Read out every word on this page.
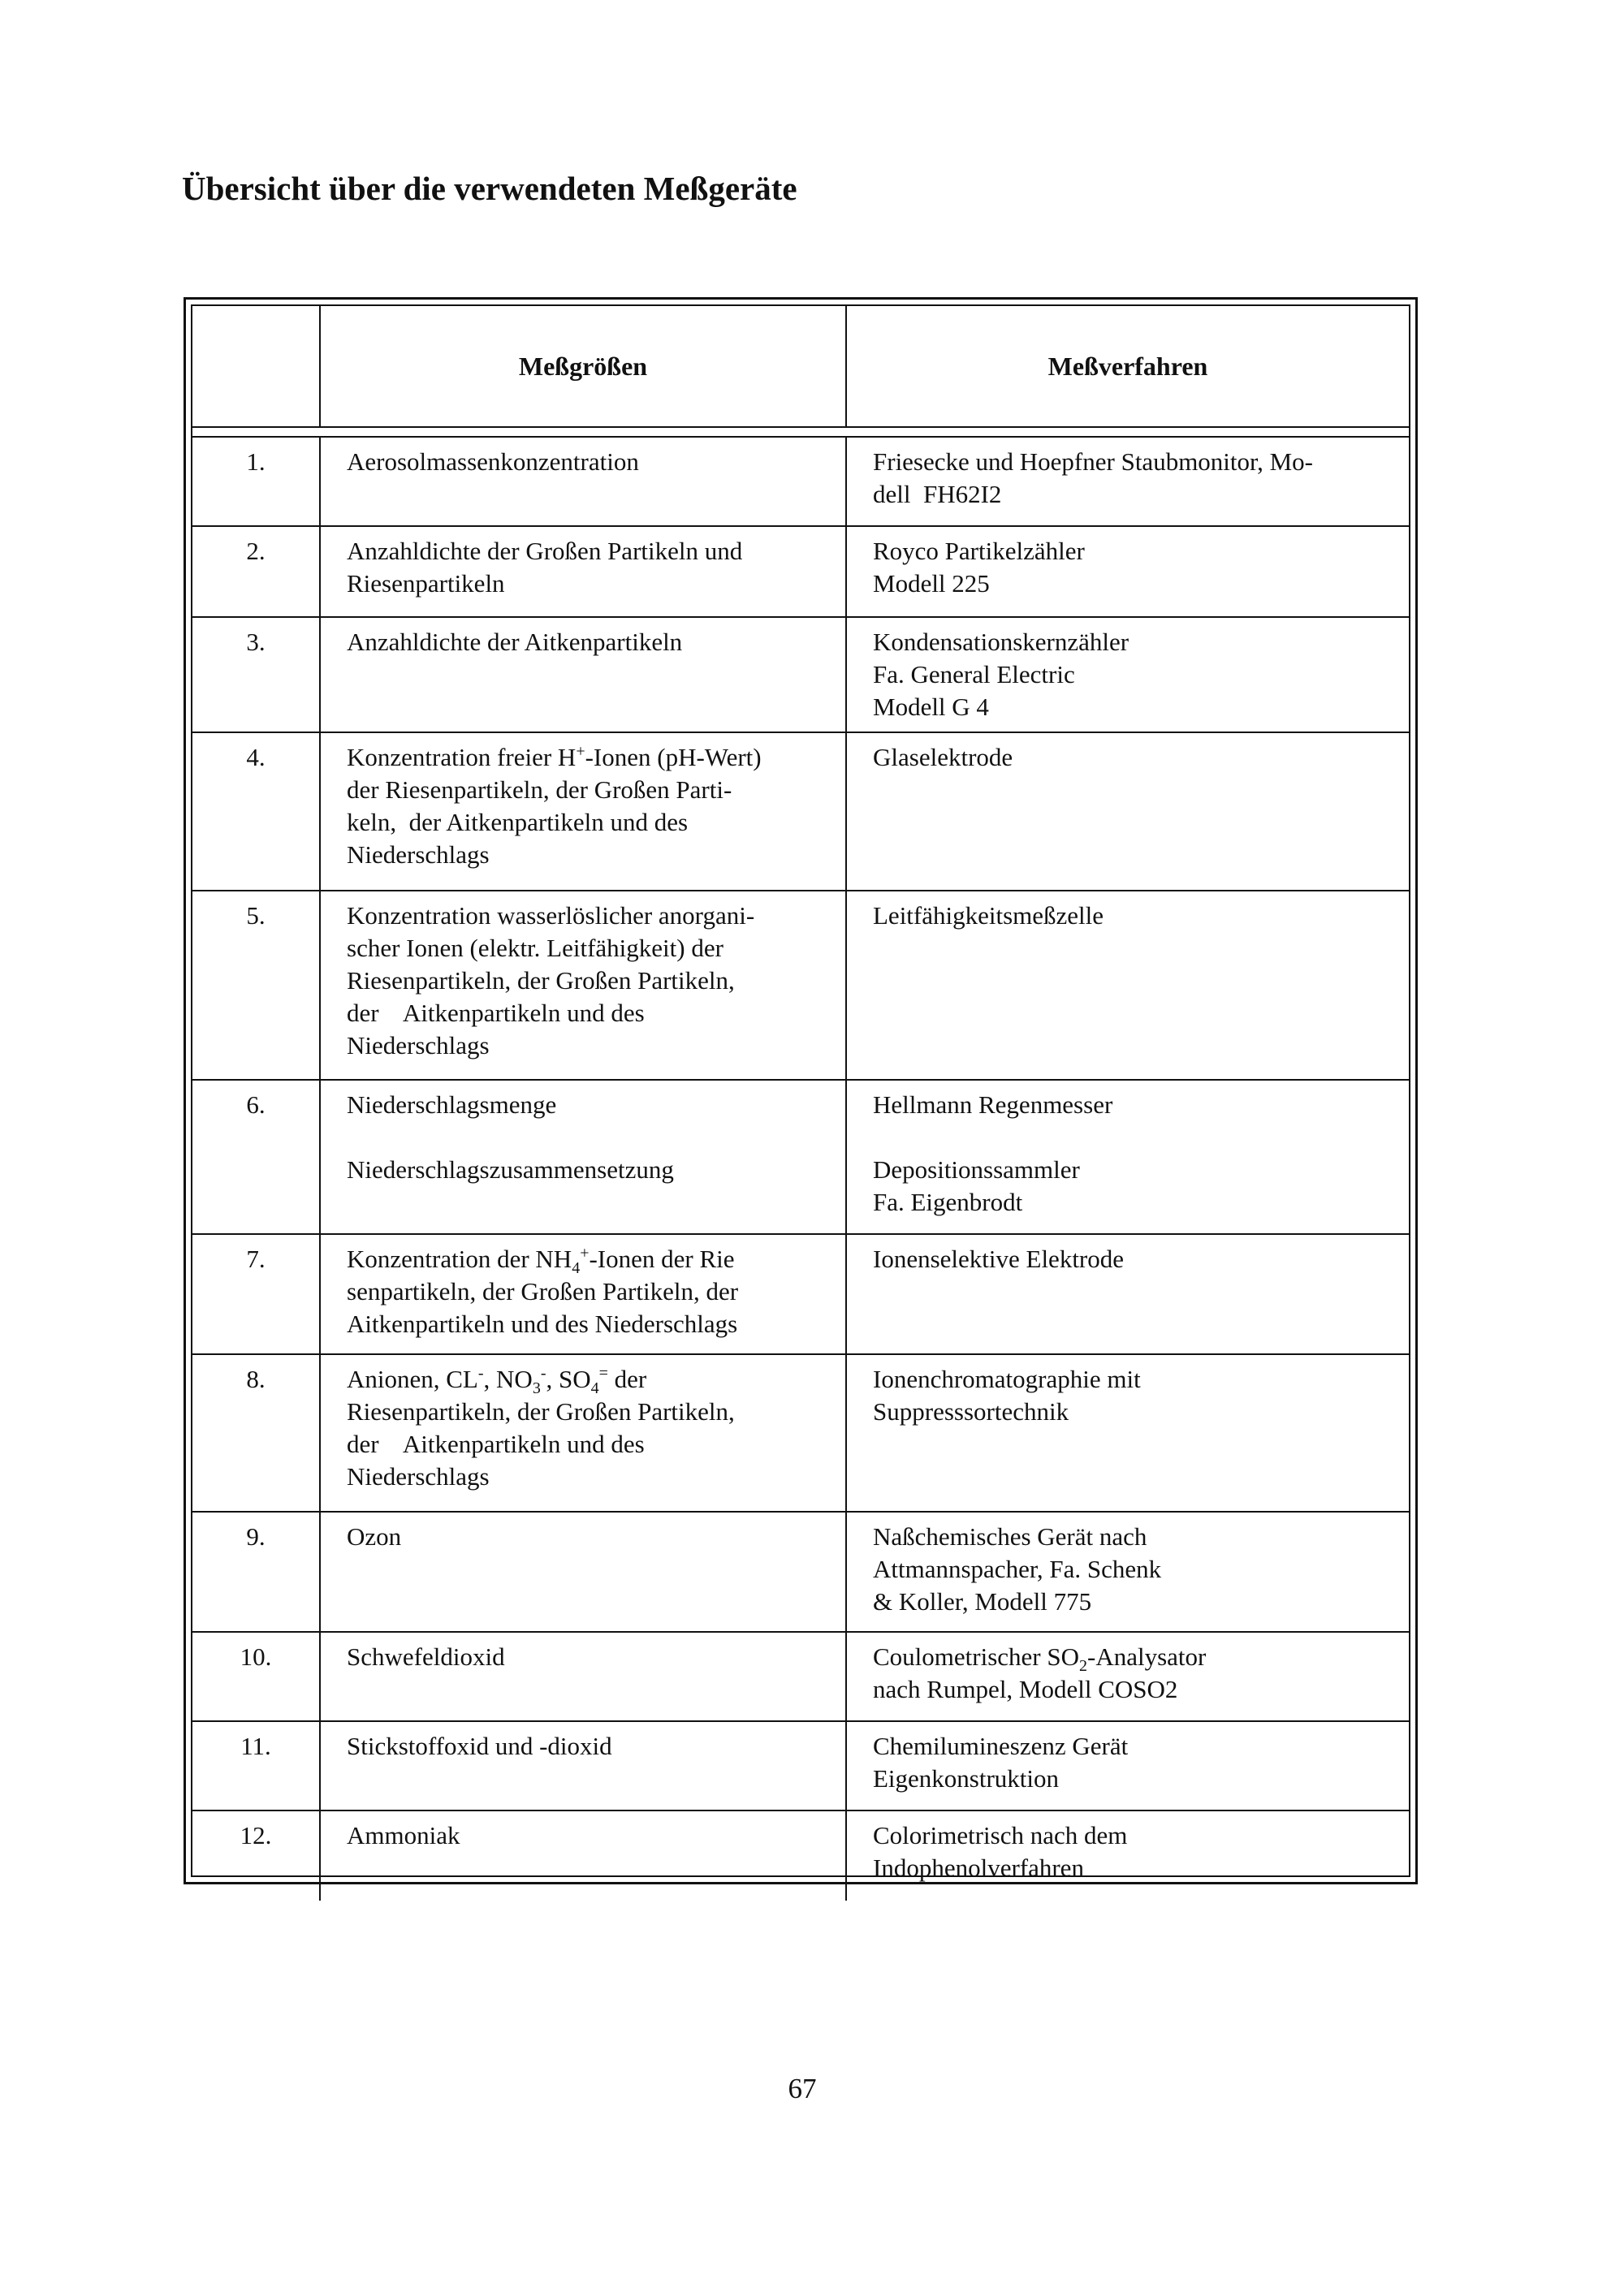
Übersicht über die verwendeten Meßgeräte
	Meßgrößen	Meßverfahren

1.	Aerosolmassenkonzentration	Friesecke und Hoepfner Staubmonitor, Mo-
dell  FH62I2

2.	Anzahldichte der Großen Partikeln und
Riesenpartikeln	Royco Partikelzähler
Modell 225

3.	Anzahldichte der Aitkenpartikeln	Kondensationskernzähler
Fa. General Electric
Modell G 4

4.	Konzentration freier H+-Ionen (pH-Wert)
der Riesenpartikeln, der Großen Parti-
keln,  der Aitkenpartikeln und des
Niederschlags	Glaselektrode

5.	Konzentration wasserlöslicher anorgani-
scher Ionen (elektr. Leitfähigkeit) der
Riesenpartikeln, der Großen Partikeln,
der    Aitkenpartikeln und des
Niederschlags	Leitfähigkeitsmeßzelle

6.	Niederschlagsmenge
Niederschlagszusammensetzung	Hellmann Regenmesser
Depositionssammler
Fa. Eigenbrodt

7.	Konzentration der $NH_4^+$-Ionen der Rie
senpartikeln, der Großen Partikeln, der
Aitkenpartikeln und des Niederschlags	Ionenselektive Elektrode

8.	Anionen, CL-, $NO_3^-$, $SO_4^=$ der
Riesenpartikeln, der Großen Partikeln,
der    Aitkenpartikeln und des
Niederschlags	Ionenchromatographie mit
Suppresssortechnik

9.	Ozon	Naßchemisches Gerät nach
Attmannspacher, Fa. Schenk
& Koller, Modell 775

10.	Schwefeldioxid	Coulometrischer $SO_2$-Analysator
nach Rumpel, Modell COSO2

11.	Stickstoffoxid und -dioxid	Chemilumineszenz Gerät
Eigenkonstruktion

12.	Ammoniak	Colorimetrisch nach dem
Indophenolverfahren
67
